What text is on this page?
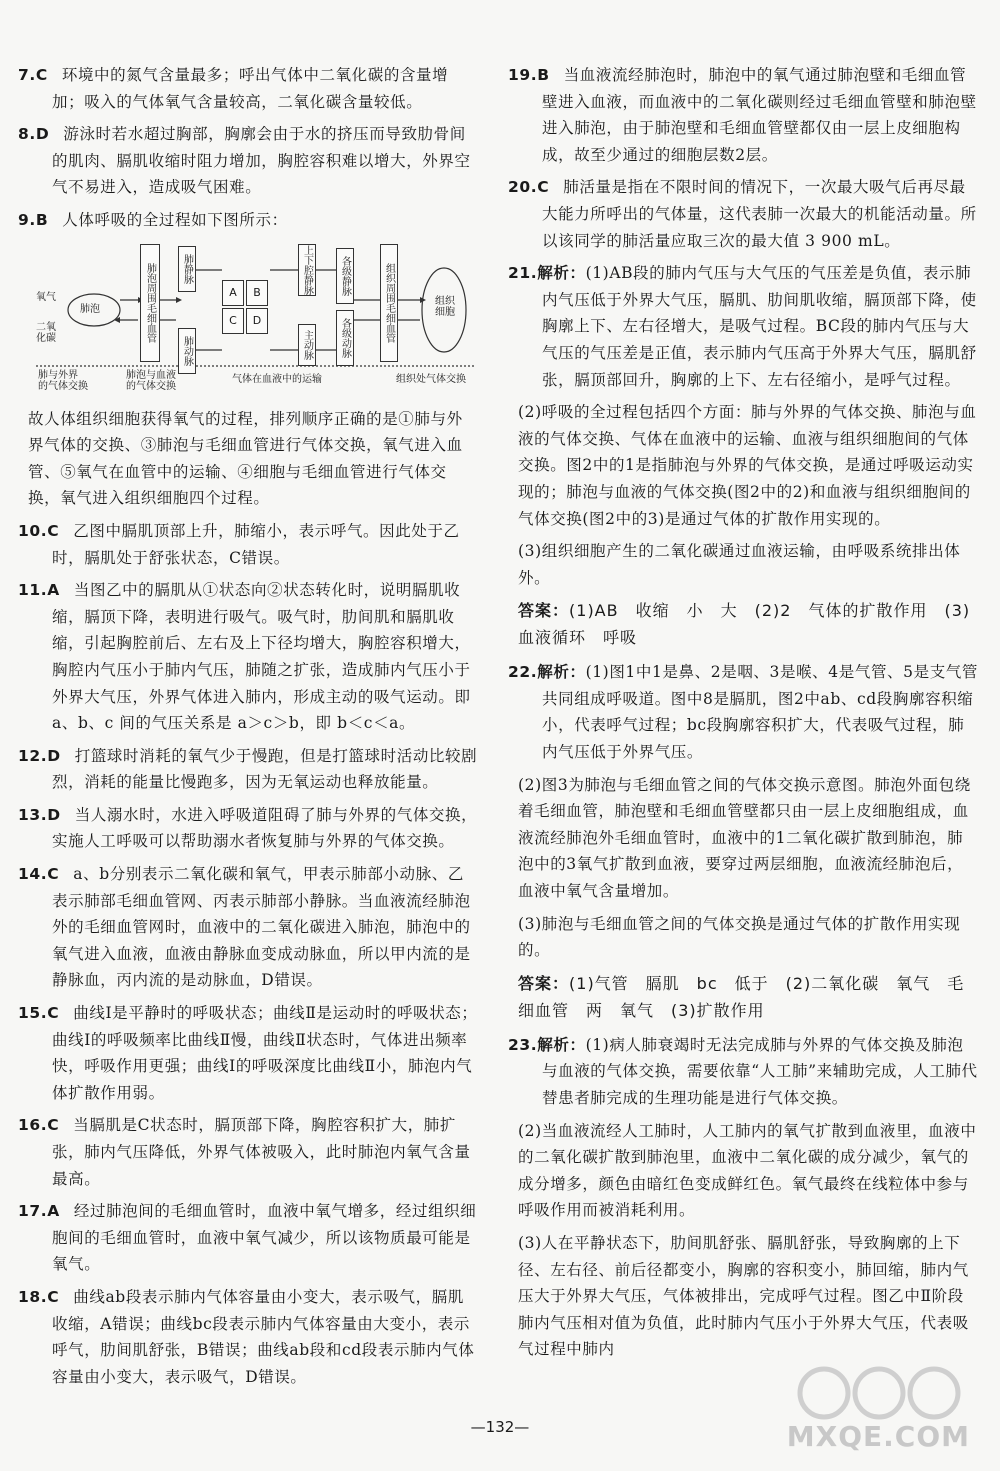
7.C 环境中的氮气含量最多；呼出气体中二氧化碳的含量增加；吸入的气体氧气含量较高，二氧化碳含量较低。

8.D 游泳时若水超过胸部，胸廓会由于水的挤压而导致肋骨间的肌肉、膈肌收缩时阻力增加，胸腔容积难以增大，外界空气不易进入，造成吸气困难。

9.B 人体呼吸的全过程如下图所示：

氧气
二氧
化碳
肺泡	肺泡周围毛细血管	肺静脉
肺动脉
A	B
C	D
上下腔静脉
主动脉
各级静脉
各级动脉	组织周围毛细血管	组织细胞
肺与外界
的气体交换
肺泡与血液
的气体交换
气体在血液中的运输	组织处气体交换

故人体组织细胞获得氧气的过程，排列顺序正确的是①肺与外界气体的交换、③肺泡与毛细血管进行气体交换，氧气进入血管、⑤氧气在血管中的运输、④细胞与毛细血管进行气体交换，氧气进入组织细胞四个过程。

10.C 乙图中膈肌顶部上升，肺缩小，表示呼气。因此处于乙时，膈肌处于舒张状态，C错误。

11.A 当图乙中的膈肌从①状态向②状态转化时，说明膈肌收缩，膈顶下降，表明进行吸气。吸气时，肋间肌和膈肌收缩，引起胸腔前后、左右及上下径均增大，胸腔容积增大，胸腔内气压小于肺内气压，肺随之扩张，造成肺内气压小于外界大气压，外界气体进入肺内，形成主动的吸气运动。即 a、b、c 间的气压关系是 a＞c＞b，即 b＜c＜a。

12.D 打篮球时消耗的氧气少于慢跑，但是打篮球时活动比较剧烈，消耗的能量比慢跑多，因为无氧运动也释放能量。

13.D 当人溺水时，水进入呼吸道阻碍了肺与外界的气体交换，实施人工呼吸可以帮助溺水者恢复肺与外界的气体交换。

14.C a、b分别表示二氧化碳和氧气，甲表示肺部小动脉、乙表示肺部毛细血管网、丙表示肺部小静脉。当血液流经肺泡外的毛细血管网时，血液中的二氧化碳进入肺泡，肺泡中的氧气进入血液，血液由静脉血变成动脉血，所以甲内流的是静脉血，丙内流的是动脉血，D错误。

15.C 曲线Ⅰ是平静时的呼吸状态；曲线Ⅱ是运动时的呼吸状态；曲线Ⅰ的呼吸频率比曲线Ⅱ慢，曲线Ⅱ状态时，气体进出频率快，呼吸作用更强；曲线Ⅰ的呼吸深度比曲线Ⅱ小，肺泡内气体扩散作用弱。

16.C 当膈肌是C状态时，膈顶部下降，胸腔容积扩大，肺扩张，肺内气压降低，外界气体被吸入，此时肺泡内氧气含量最高。

17.A 经过肺泡间的毛细血管时，血液中氧气增多，经过组织细胞间的毛细血管时，血液中氧气减少，所以该物质最可能是氧气。

18.C 曲线ab段表示肺内气体容量由小变大，表示吸气，膈肌收缩，A错误；曲线bc段表示肺内气体容量由大变小，表示呼气，肋间肌舒张，B错误；曲线ab段和cd段表示肺内气体容量由小变大，表示吸气，D错误。

19.B 当血液流经肺泡时，肺泡中的氧气通过肺泡壁和毛细血管壁进入血液，而血液中的二氧化碳则经过毛细血管壁和肺泡壁进入肺泡，由于肺泡壁和毛细血管壁都仅由一层上皮细胞构成，故至少通过的细胞层数2层。

20.C 肺活量是指在不限时间的情况下，一次最大吸气后再尽最大能力所呼出的气体量，这代表肺一次最大的机能活动量。所以该同学的肺活量应取三次的最大值 3 900 mL。

21.解析：(1)AB段的肺内气压与大气压的气压差是负值，表示肺内气压低于外界大气压，膈肌、肋间肌收缩，膈顶部下降，使胸廓上下、左右径增大，是吸气过程。BC段的肺内气压与大气压的气压差是正值，表示肺内气压高于外界大气压，膈肌舒张，膈顶部回升，胸廓的上下、左右径缩小，是呼气过程。

(2)呼吸的全过程包括四个方面：肺与外界的气体交换、肺泡与血液的气体交换、气体在血液中的运输、血液与组织细胞间的气体交换。图2中的1是指肺泡与外界的气体交换，是通过呼吸运动实现的；肺泡与血液的气体交换(图2中的2)和血液与组织细胞间的气体交换(图2中的3)是通过气体的扩散作用实现的。

(3)组织细胞产生的二氧化碳通过血液运输，由呼吸系统排出体外。

答案：(1)AB　收缩　小　大　(2)2　气体的扩散作用　(3)血液循环　呼吸

22.解析：(1)图1中1是鼻、2是咽、3是喉、4是气管、5是支气管共同组成呼吸道。图中8是膈肌，图2中ab、cd段胸廓容积缩小，代表呼气过程；bc段胸廓容积扩大，代表吸气过程，肺内气压低于外界气压。

(2)图3为肺泡与毛细血管之间的气体交换示意图。肺泡外面包绕着毛细血管，肺泡壁和毛细血管壁都只由一层上皮细胞组成，血液流经肺泡外毛细血管时，血液中的1二氧化碳扩散到肺泡，肺泡中的3氧气扩散到血液，要穿过两层细胞，血液流经肺泡后，血液中氧气含量增加。

(3)肺泡与毛细血管之间的气体交换是通过气体的扩散作用实现的。

答案：(1)气管　膈肌　bc　低于　(2)二氧化碳　氧气　毛细血管　两　氧气　(3)扩散作用

23.解析：(1)病人肺衰竭时无法完成肺与外界的气体交换及肺泡与血液的气体交换，需要依靠“人工肺”来辅助完成，人工肺代替患者肺完成的生理功能是进行气体交换。

(2)当血液流经人工肺时，人工肺内的氧气扩散到血液里，血液中的二氧化碳扩散到肺泡里，血液中二氧化碳的成分减少，氧气的成分增多，颜色由暗红色变成鲜红色。氧气最终在线粒体中参与呼吸作用而被消耗利用。

(3)人在平静状态下，肋间肌舒张、膈肌舒张，导致胸廓的上下径、左右径、前后径都变小，胸廓的容积变小，肺回缩，肺内气压大于外界大气压，气体被排出，完成呼气过程。图乙中Ⅱ阶段肺内气压相对值为负值，此时肺内气压小于外界大气压，代表吸气过程中肺内

—132—	MXQE.COM
